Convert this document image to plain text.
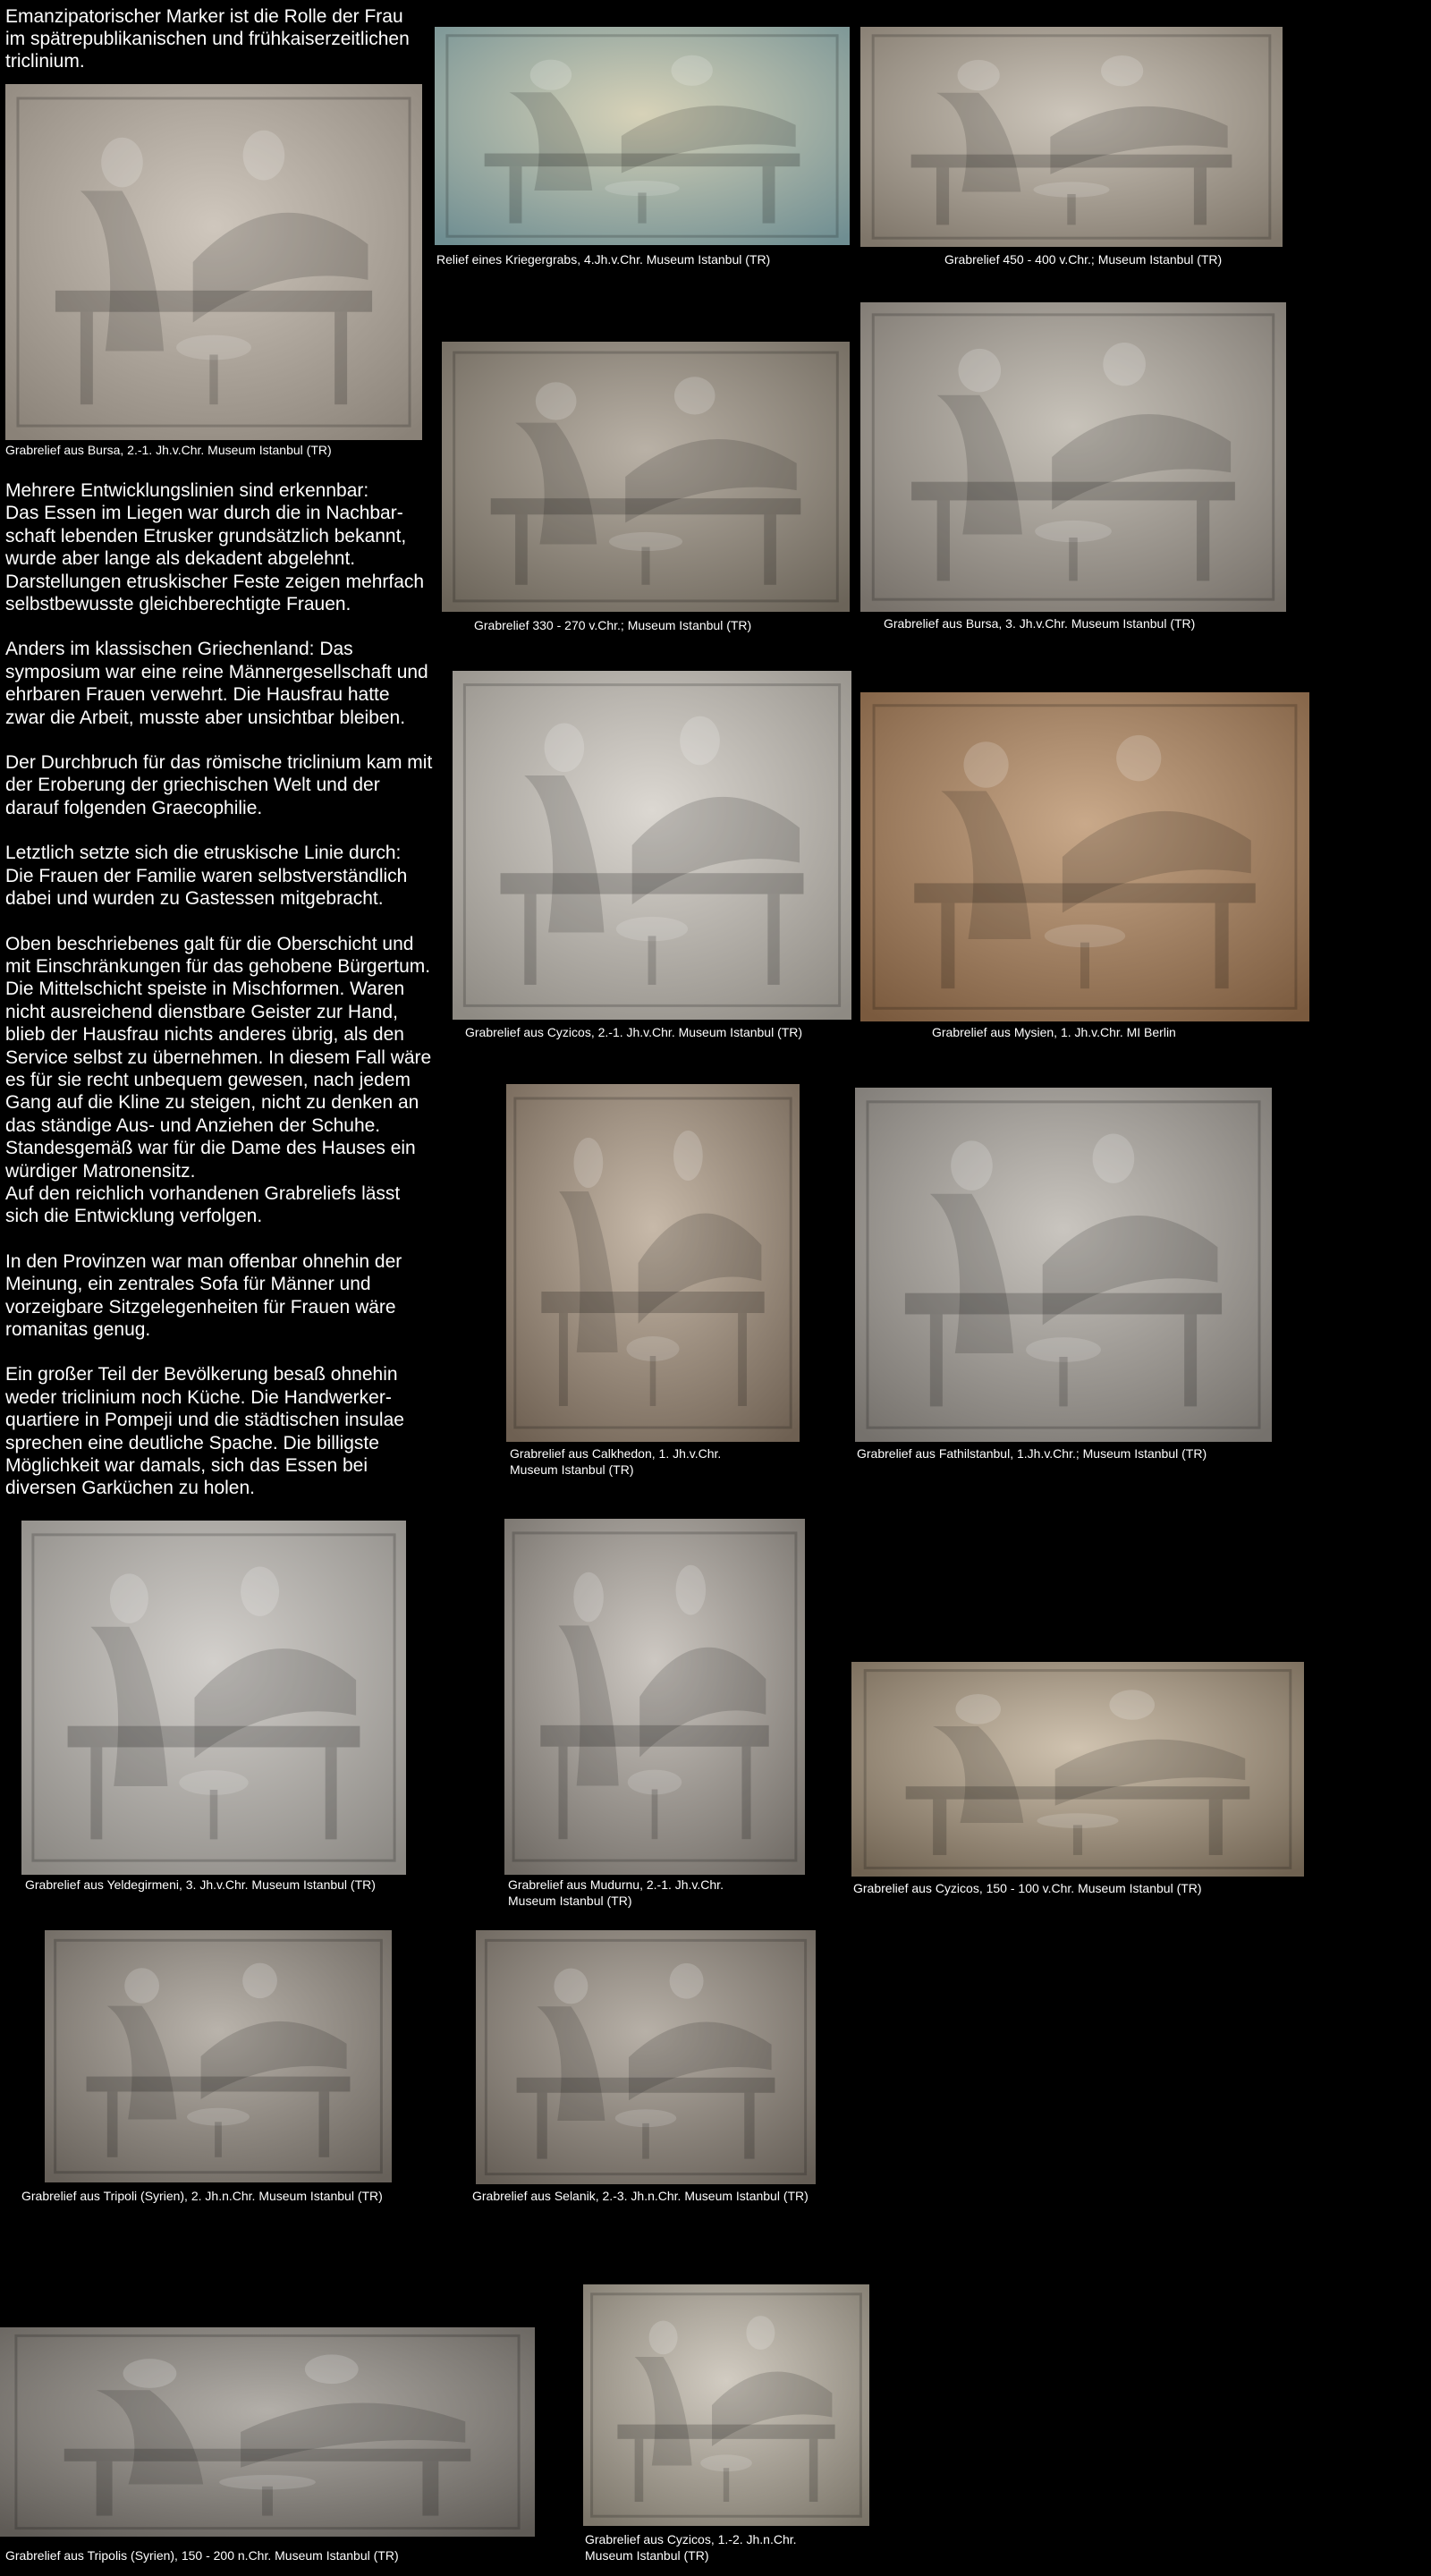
Emanzipatorischer Marker ist die Rolle der Frau im spätrepublikanischen und frühkaiserzeitlichen triclinium.

Mehrere Entwicklungslinien sind erkennbar:
Das Essen im Liegen war durch die in Nachbar-
schaft lebenden Etrusker grundsätzlich bekannt,
wurde aber lange als dekadent abgelehnt.
Darstellungen etruskischer Feste zeigen mehrfach
selbstbewusste gleichberechtigte Frauen.

Anders im klassischen Griechenland: Das
symposium war eine reine Männergesellschaft und
ehrbaren Frauen verwehrt. Die Hausfrau hatte
zwar die Arbeit, musste aber unsichtbar bleiben.

Der Durchbruch für das römische triclinium kam mit
der Eroberung der griechischen Welt und der
darauf folgenden Graecophilie.

Letztlich setzte sich die etruskische Linie durch:
Die Frauen der Familie waren selbstverständlich
dabei und wurden zu Gastessen mitgebracht.

Oben beschriebenes galt für die Oberschicht und
mit Einschränkungen für das gehobene Bürgertum.
Die Mittelschicht speiste in Mischformen. Waren
nicht ausreichend dienstbare Geister zur Hand,
blieb der Hausfrau nichts anderes übrig, als den
Service selbst zu übernehmen. In diesem Fall wäre
es für sie recht unbequem gewesen, nach jedem
Gang auf die Kline zu steigen, nicht zu denken an
das ständige Aus- und Anziehen der Schuhe.
Standesgemäß war für die Dame des Hauses ein
würdiger Matronensitz.
Auf den reichlich vorhandenen Grabreliefs lässt
sich die Entwicklung verfolgen.

In den Provinzen war man offenbar ohnehin der
Meinung, ein zentrales Sofa für Männer und
vorzeigbare Sitzgelegenheiten für Frauen wäre
romanitas genug.

Ein großer Teil der Bevölkerung besaß ohnehin
weder triclinium noch Küche. Die Handwerker-
quartiere in Pompeji und die städtischen insulae
sprechen eine deutliche Spache. Die billigste
Möglichkeit war damals, sich das Essen bei
diversen Garküchen zu holen.

Grabrelief aus Bursa, 2.-1. Jh.v.Chr. Museum Istanbul (TR)
Relief eines Kriegergrabs, 4.Jh.v.Chr. Museum Istanbul (TR)	Grabrelief 450 - 400 v.Chr.; Museum Istanbul (TR)
Grabrelief 330 - 270 v.Chr.; Museum Istanbul (TR)	Grabrelief aus Bursa, 3. Jh.v.Chr. Museum Istanbul (TR)
Grabrelief aus Cyzicos, 2.-1. Jh.v.Chr. Museum Istanbul (TR)	Grabrelief aus Mysien, 1. Jh.v.Chr. MI Berlin
Grabrelief aus Calkhedon, 1. Jh.v.Chr.
Museum Istanbul (TR)
Grabrelief aus Fathilstanbul, 1.Jh.v.Chr.; Museum Istanbul (TR)
Grabrelief aus Yeldegirmeni, 3. Jh.v.Chr. Museum Istanbul (TR)	Grabrelief aus Mudurnu, 2.-1. Jh.v.Chr.
Museum Istanbul (TR)
Grabrelief aus Cyzicos, 150 - 100 v.Chr. Museum Istanbul (TR)
Grabrelief aus Tripoli (Syrien), 2. Jh.n.Chr. Museum Istanbul (TR)	Grabrelief aus Selanik, 2.-3. Jh.n.Chr. Museum Istanbul (TR)
Grabrelief aus Tripolis (Syrien), 150 - 200 n.Chr. Museum Istanbul (TR)
Grabrelief aus Cyzicos, 1.-2. Jh.n.Chr.
Museum Istanbul (TR)
